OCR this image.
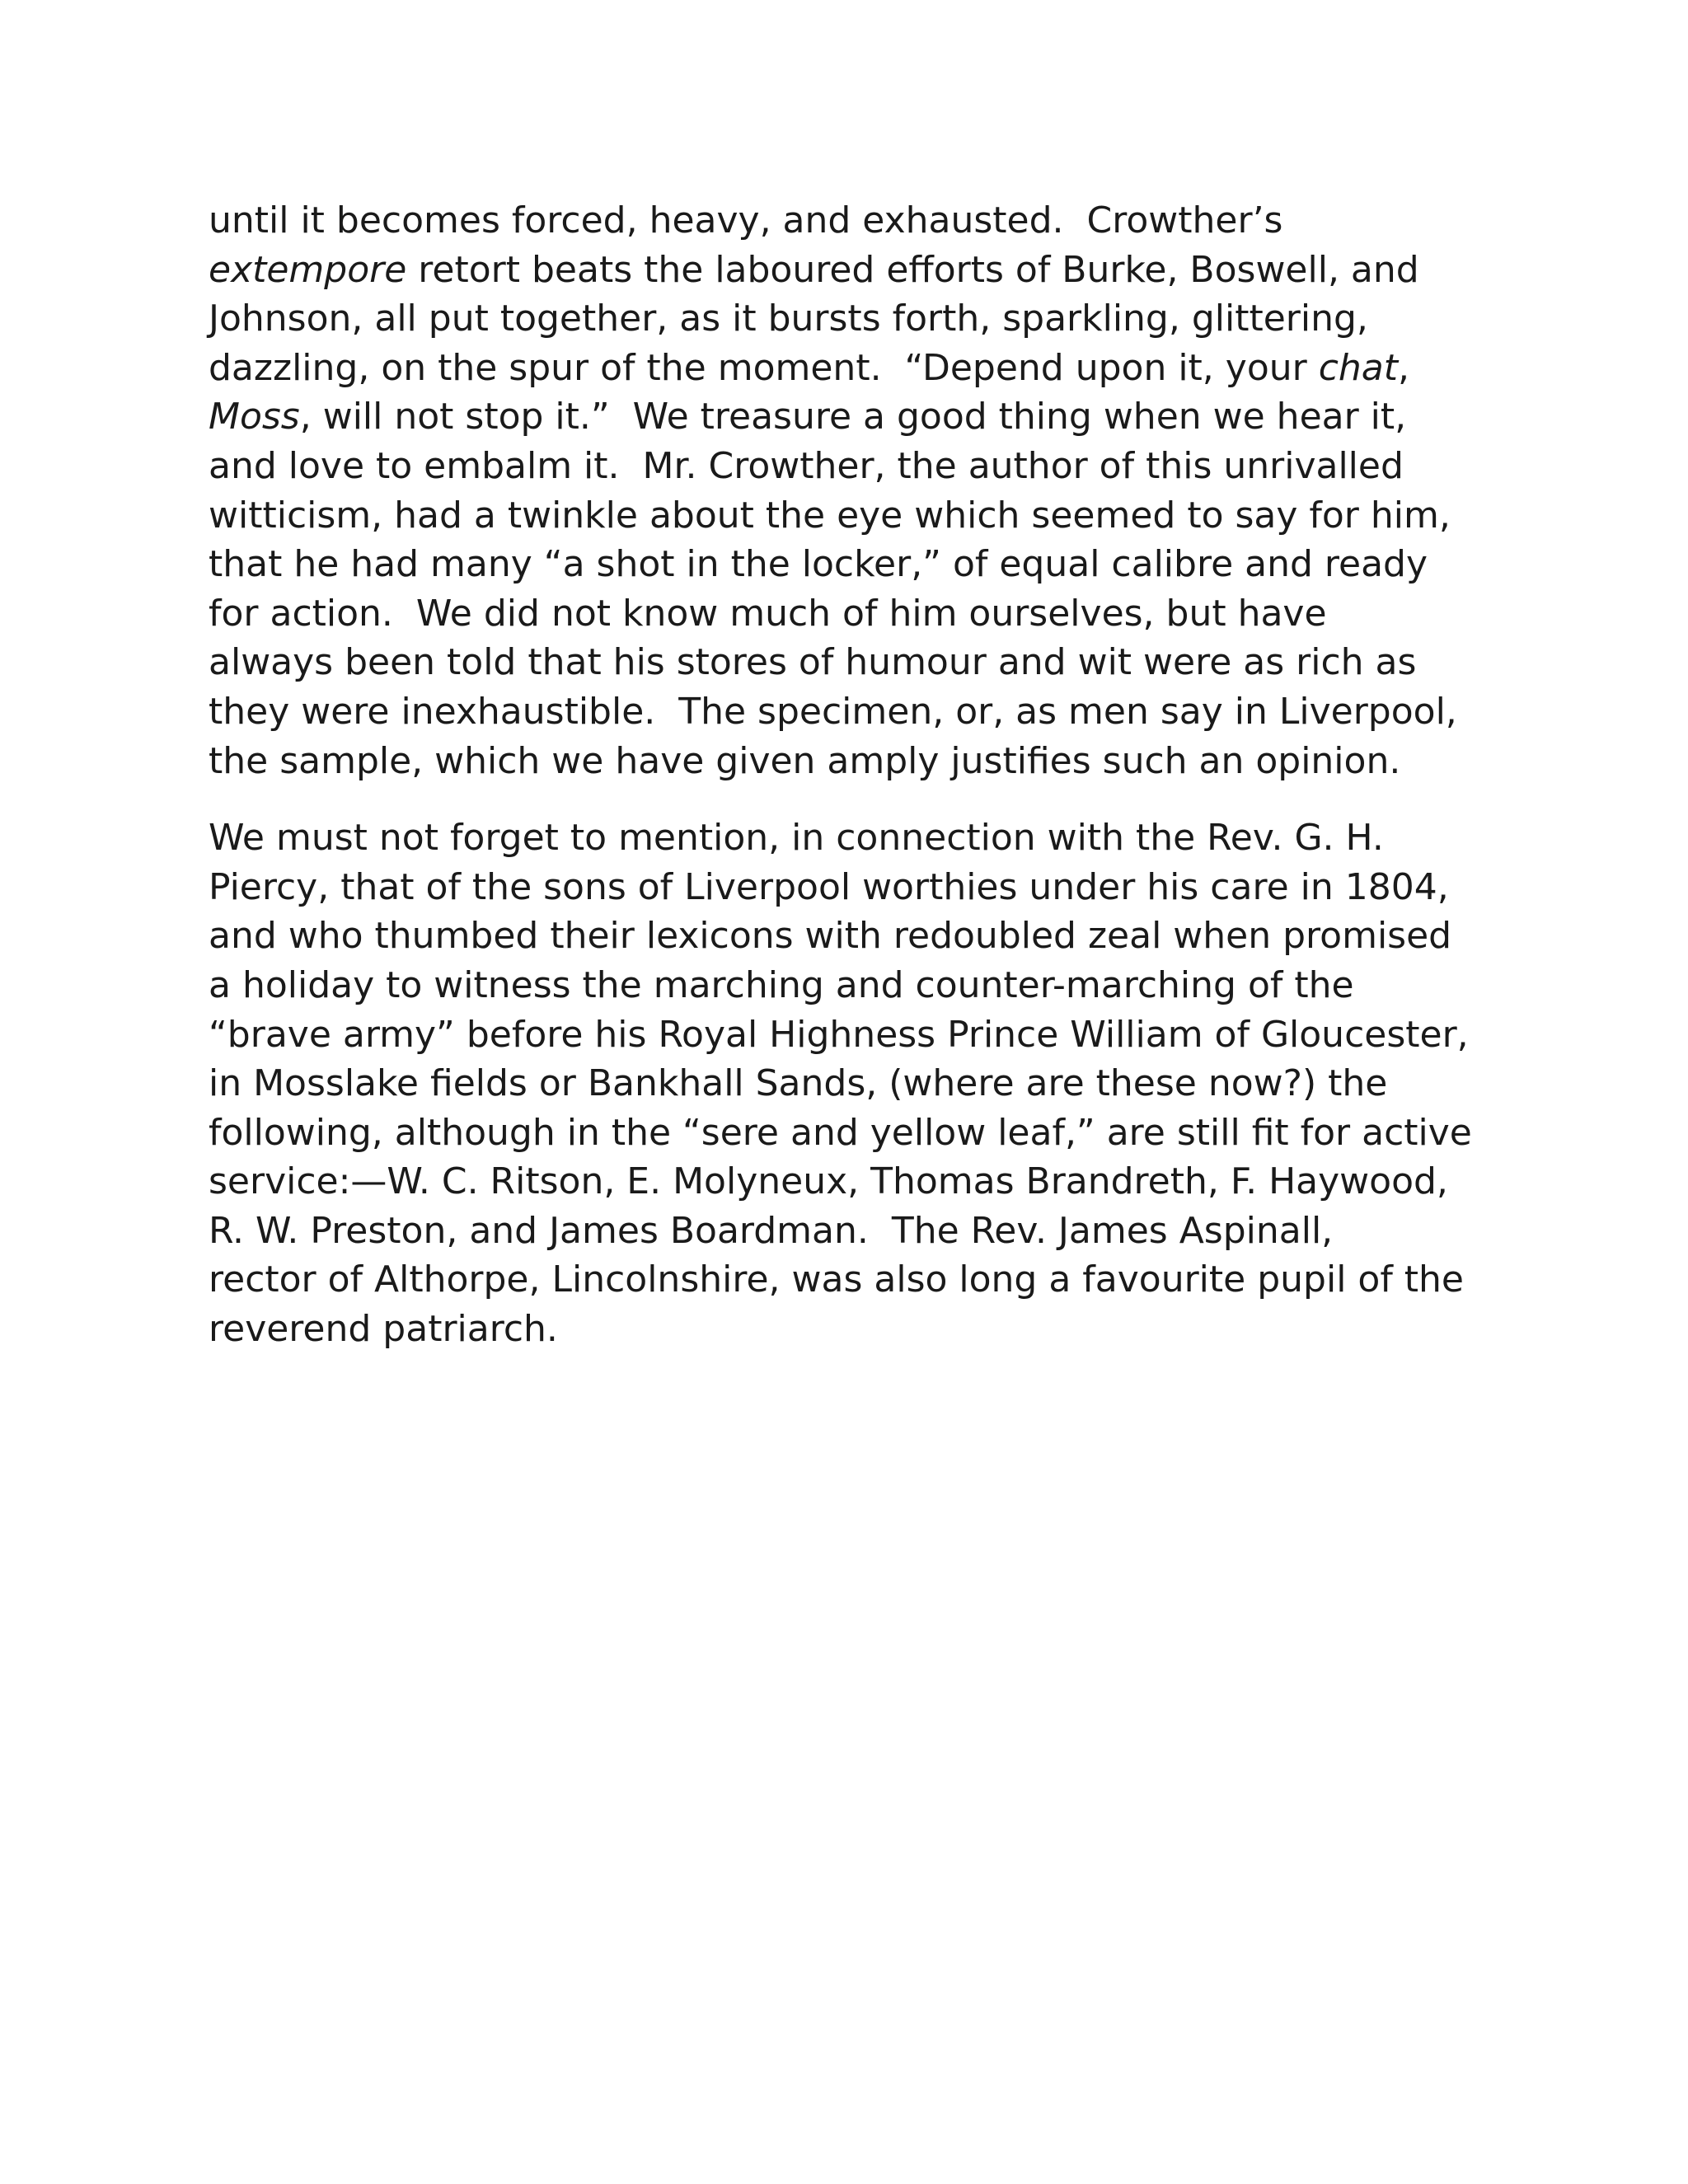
until it becomes forced, heavy, and exhausted.  Crowther’s
extempore retort beats the laboured efforts of Burke, Boswell, and
Johnson, all put together, as it bursts forth, sparkling, glittering,
dazzling, on the spur of the moment.  “Depend upon it, your chat,
Moss, will not stop it.”  We treasure a good thing when we hear it,
and love to embalm it.  Mr. Crowther, the author of this unrivalled
witticism, had a twinkle about the eye which seemed to say for him,
that he had many “a shot in the locker,” of equal calibre and ready
for action.  We did not know much of him ourselves, but have
always been told that his stores of humour and wit were as rich as
they were inexhaustible.  The specimen, or, as men say in Liverpool,
the sample, which we have given amply justifies such an opinion.
We must not forget to mention, in connection with the Rev. G. H.
Piercy, that of the sons of Liverpool worthies under his care in 1804,
and who thumbed their lexicons with redoubled zeal when promised
a holiday to witness the marching and counter-marching of the
“brave army” before his Royal Highness Prince William of Gloucester,
in Mosslake fields or Bankhall Sands, (where are these now?) the
following, although in the “sere and yellow leaf,” are still fit for active
service:—W. C. Ritson, E. Molyneux, Thomas Brandreth, F. Haywood,
R. W. Preston, and James Boardman.  The Rev. James Aspinall,
rector of Althorpe, Lincolnshire, was also long a favourite pupil of the
reverend patriarch.
